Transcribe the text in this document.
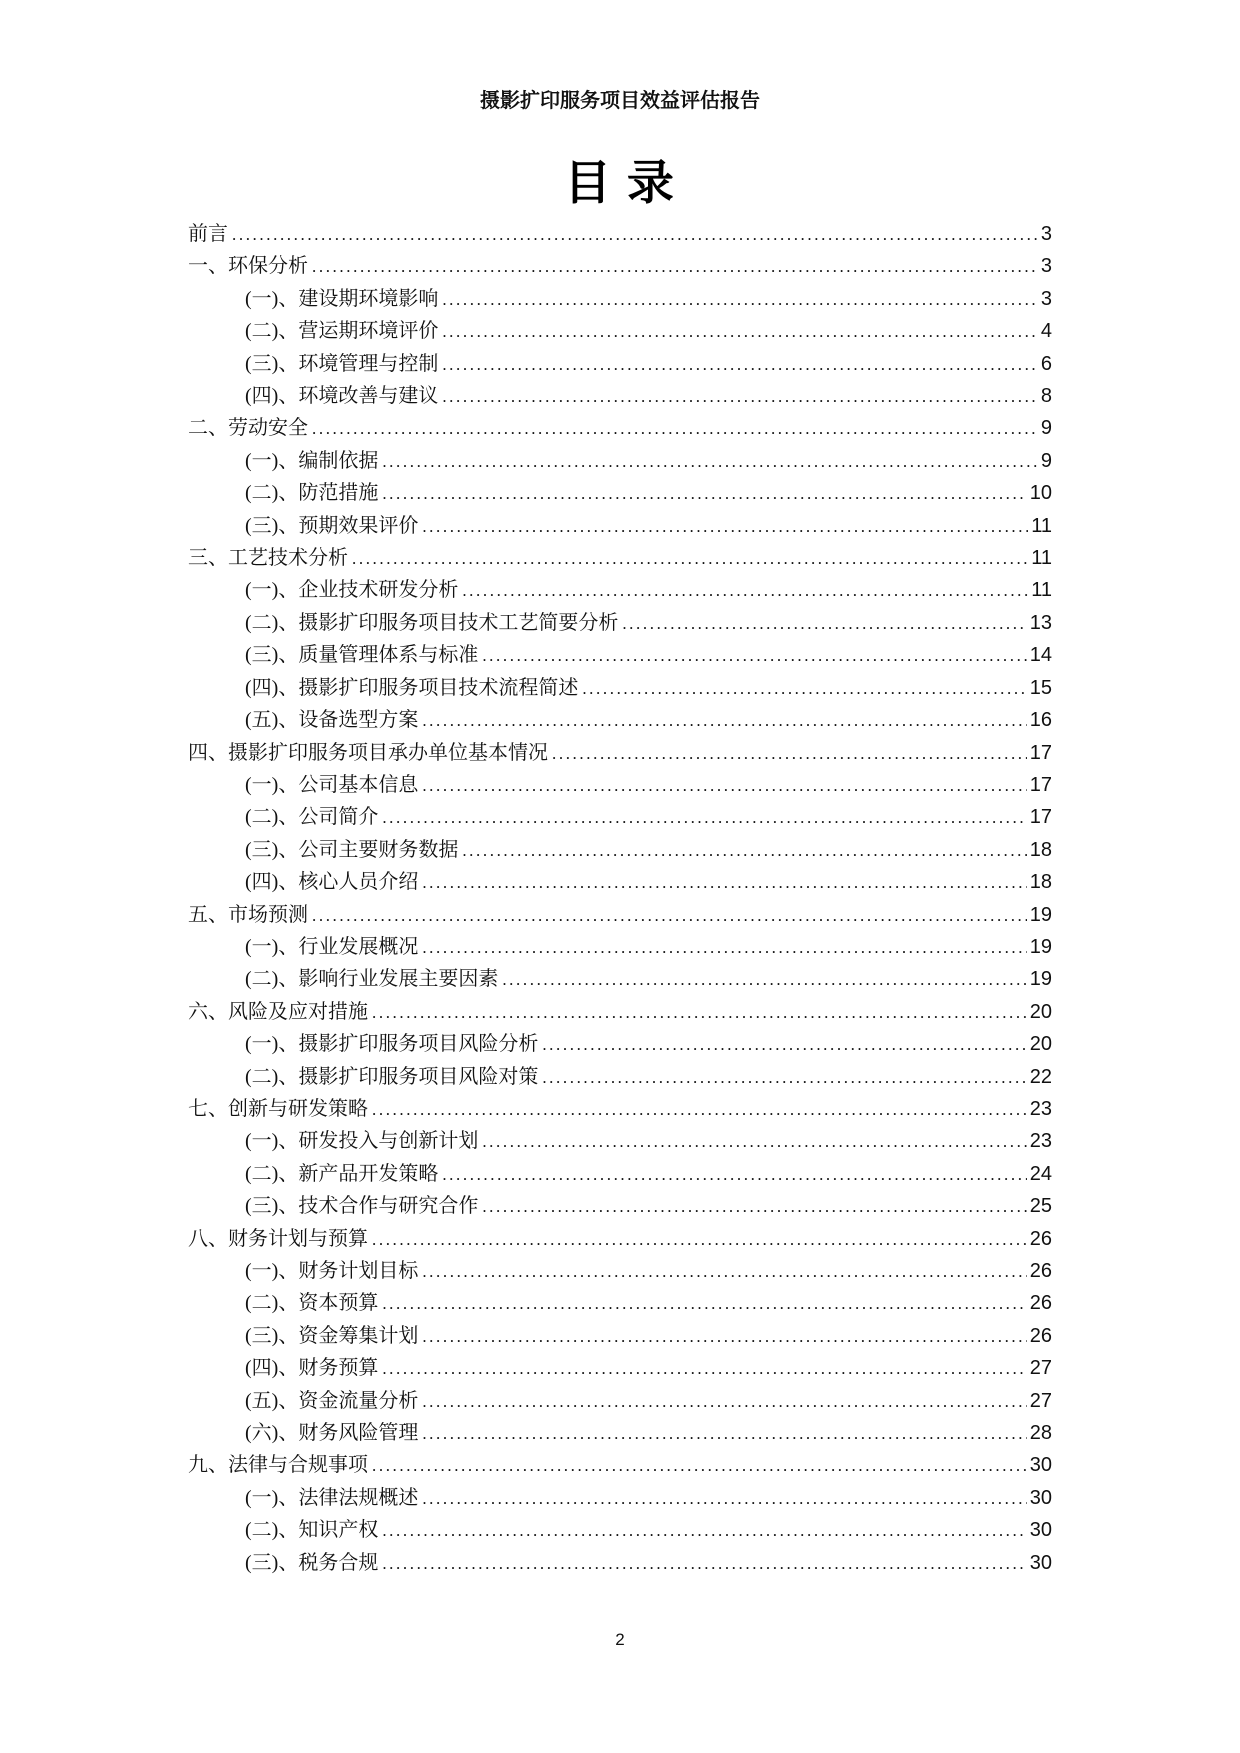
摄影扩印服务项目效益评估报告
目 录
前言 .....	3
一、环保分析 .....	3
(一)、建设期环境影响 .....	3
(二)、营运期环境评价 .....	4
(三)、环境管理与控制 .....	6
(四)、环境改善与建议 .....	8
二、劳动安全 .....	9
(一)、编制依据 .....	9
(二)、防范措施 .....	10
(三)、预期效果评价 .....	11
三、工艺技术分析 .....	11
(一)、企业技术研发分析 .....	11
(二)、摄影扩印服务项目技术工艺简要分析 .....	13
(三)、质量管理体系与标准 .....	14
(四)、摄影扩印服务项目技术流程简述 .....	15
(五)、设备选型方案 .....	16
四、摄影扩印服务项目承办单位基本情况 .....	17
(一)、公司基本信息 .....	17
(二)、公司简介 .....	17
(三)、公司主要财务数据 .....	18
(四)、核心人员介绍 .....	18
五、市场预测 .....	19
(一)、行业发展概况 .....	19
(二)、影响行业发展主要因素 .....	19
六、风险及应对措施 .....	20
(一)、摄影扩印服务项目风险分析 .....	20
(二)、摄影扩印服务项目风险对策 .....	22
七、创新与研发策略 .....	23
(一)、研发投入与创新计划 .....	23
(二)、新产品开发策略 .....	24
(三)、技术合作与研究合作 .....	25
八、财务计划与预算 .....	26
(一)、财务计划目标 .....	26
(二)、资本预算 .....	26
(三)、资金筹集计划 .....	26
(四)、财务预算 .....	27
(五)、资金流量分析 .....	27
(六)、财务风险管理 .....	28
九、法律与合规事项 .....	30
(一)、法律法规概述 .....	30
(二)、知识产权 .....	30
(三)、税务合规 .....	30
2
